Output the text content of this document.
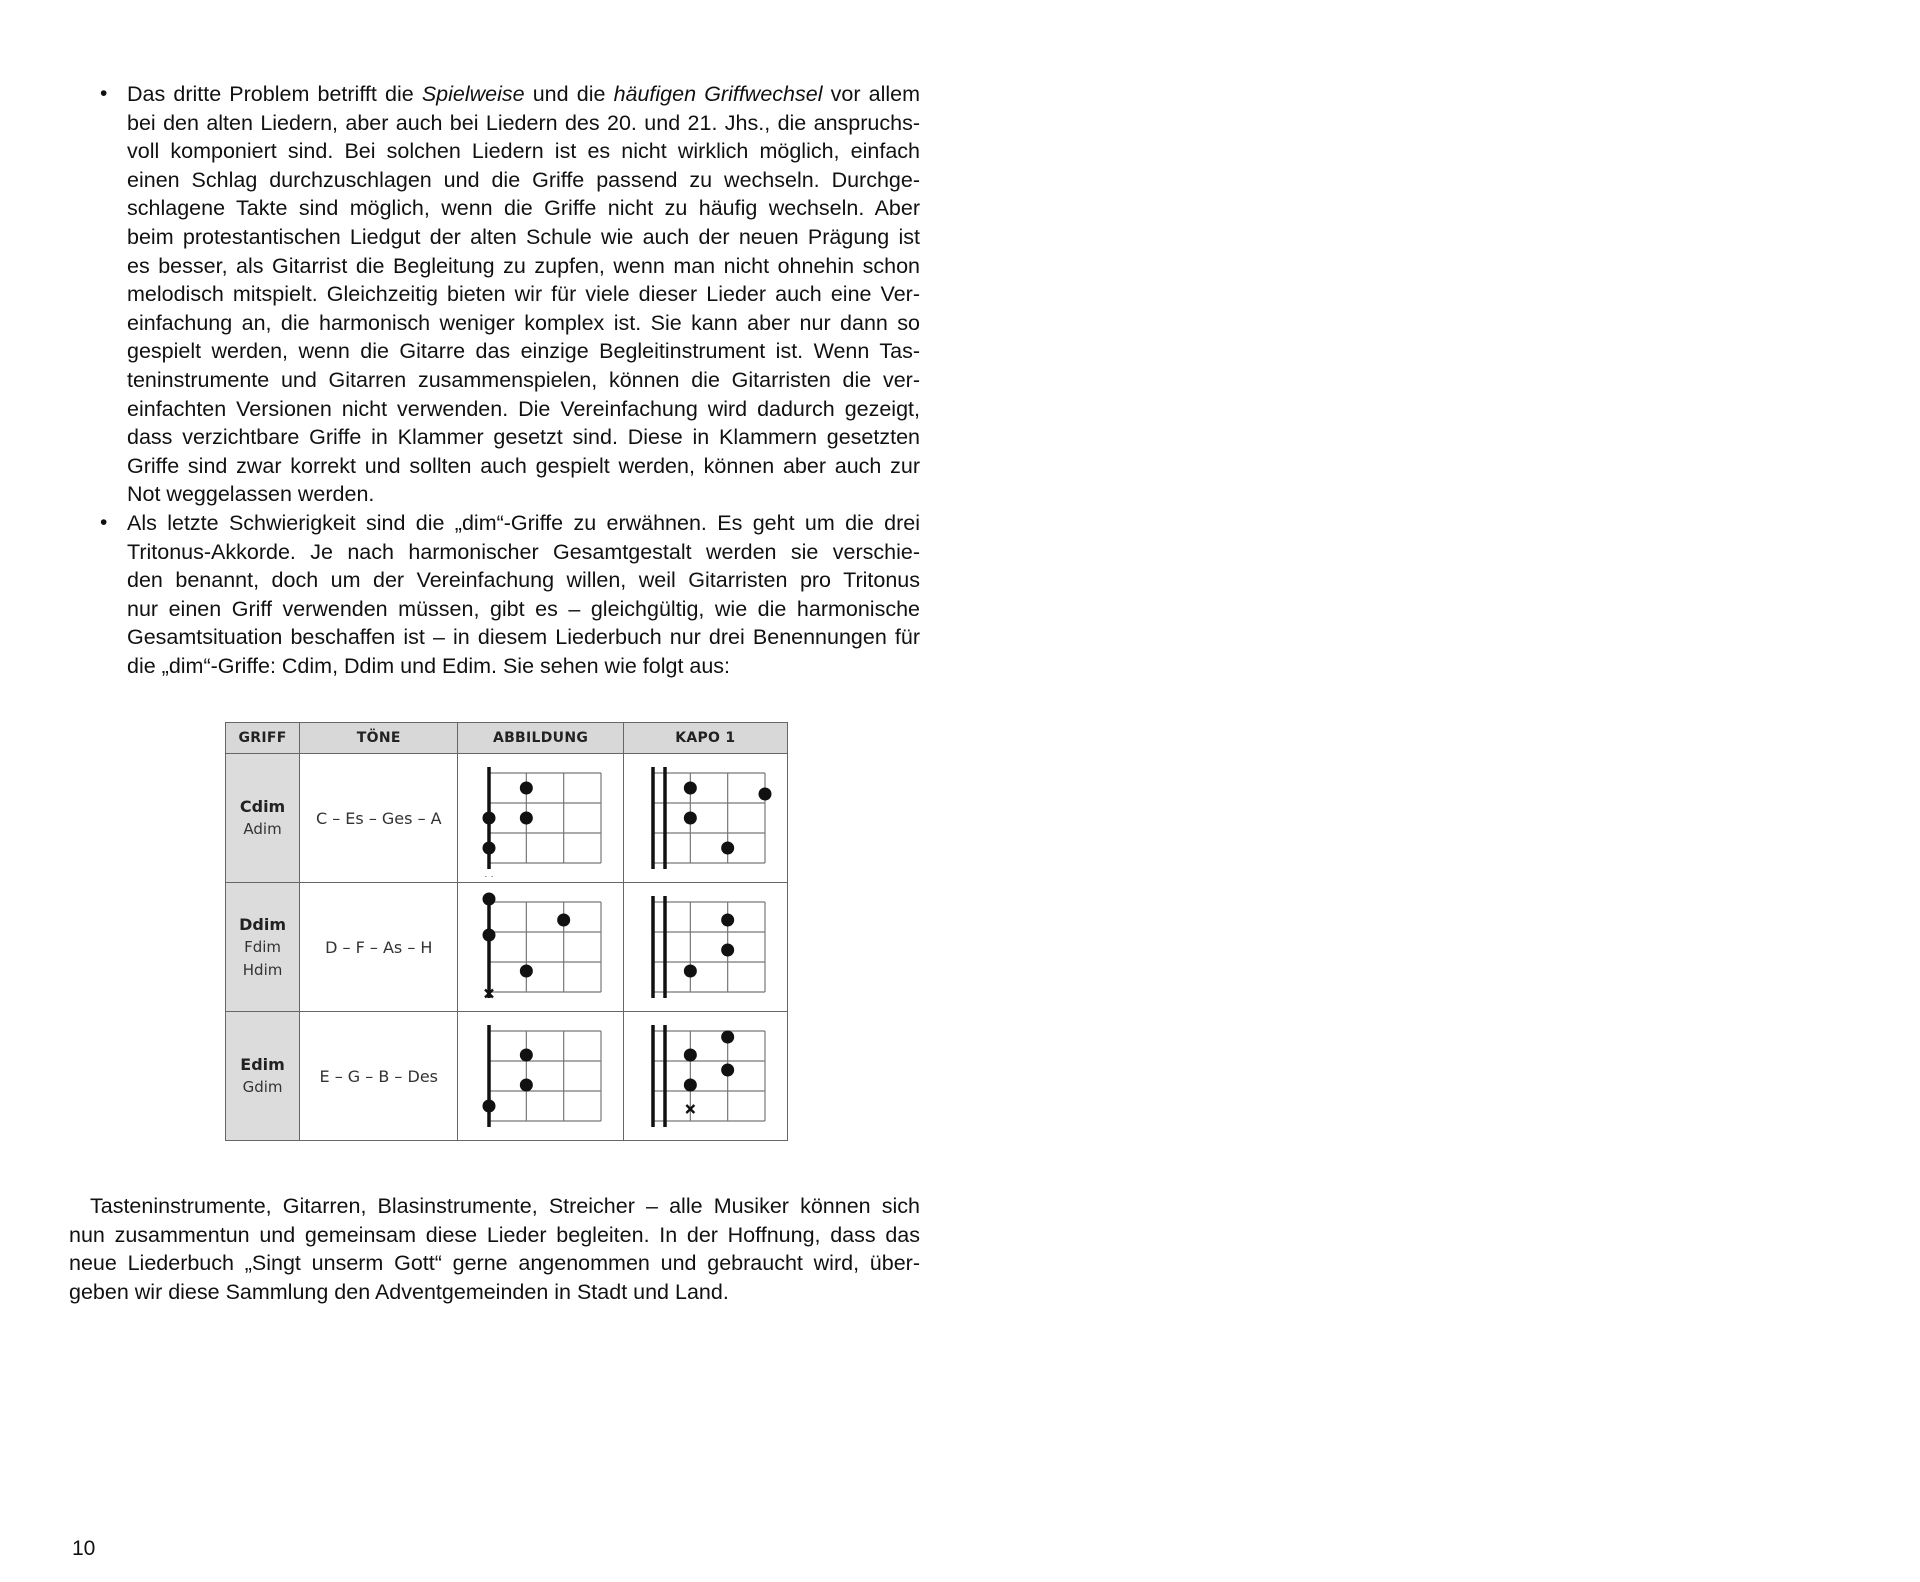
• Das dritte Problem betrifft die Spielweise und die häufigen Griffwechsel vor allem
bei den alten Liedern, aber auch bei Liedern des 20. und 21. Jhs., die anspruchs-
voll komponiert sind. Bei solchen Liedern ist es nicht wirklich möglich, einfach
einen Schlag durchzuschlagen und die Griffe passend zu wechseln. Durchge-
schlagene Takte sind möglich, wenn die Griffe nicht zu häufig wechseln. Aber
beim protestantischen Liedgut der alten Schule wie auch der neuen Prägung ist
es besser, als Gitarrist die Begleitung zu zupfen, wenn man nicht ohnehin schon
melodisch mitspielt. Gleichzeitig bieten wir für viele dieser Lieder auch eine Ver-
einfachung an, die harmonisch weniger komplex ist. Sie kann aber nur dann so
gespielt werden, wenn die Gitarre das einzige Begleitinstrument ist. Wenn Tas-
teninstrumente und Gitarren zusammenspielen, können die Gitarristen die ver-
einfachten Versionen nicht verwenden. Die Vereinfachung wird dadurch gezeigt,
dass verzichtbare Griffe in Klammer gesetzt sind. Diese in Klammern gesetzten
Griffe sind zwar korrekt und sollten auch gespielt werden, können aber auch zur
Not weggelassen werden.
• Als letzte Schwierigkeit sind die „dim“-Griffe zu erwähnen. Es geht um die drei
Tritonus-Akkorde. Je nach harmonischer Gesamtgestalt werden sie verschie-
den benannt, doch um der Vereinfachung willen, weil Gitarristen pro Tritonus
nur einen Griff verwenden müssen, gibt es – gleichgültig, wie die harmonische
Gesamtsituation beschaffen ist – in diesem Liederbuch nur drei Benennungen für
die „dim“-Griffe: Cdim, Ddim und Edim. Sie sehen wie folgt aus:
GRIFF	TÖNE	ABBILDUNG	KAPO 1

Cdim
Adim	C – Es – Ges – A	

Ddim
Fdim
Hdim	D – F – As – H	

Edim
Gdim	E – G – B – Des	

Tasteninstrumente, Gitarren, Blasinstrumente, Streicher – alle Musiker können sich
nun zusammentun und gemeinsam diese Lieder begleiten. In der Hoffnung, dass das
neue Liederbuch „Singt unserm Gott“ gerne angenommen und gebraucht wird, über-
geben wir diese Sammlung den Adventgemeinden in Stadt und Land.
10
